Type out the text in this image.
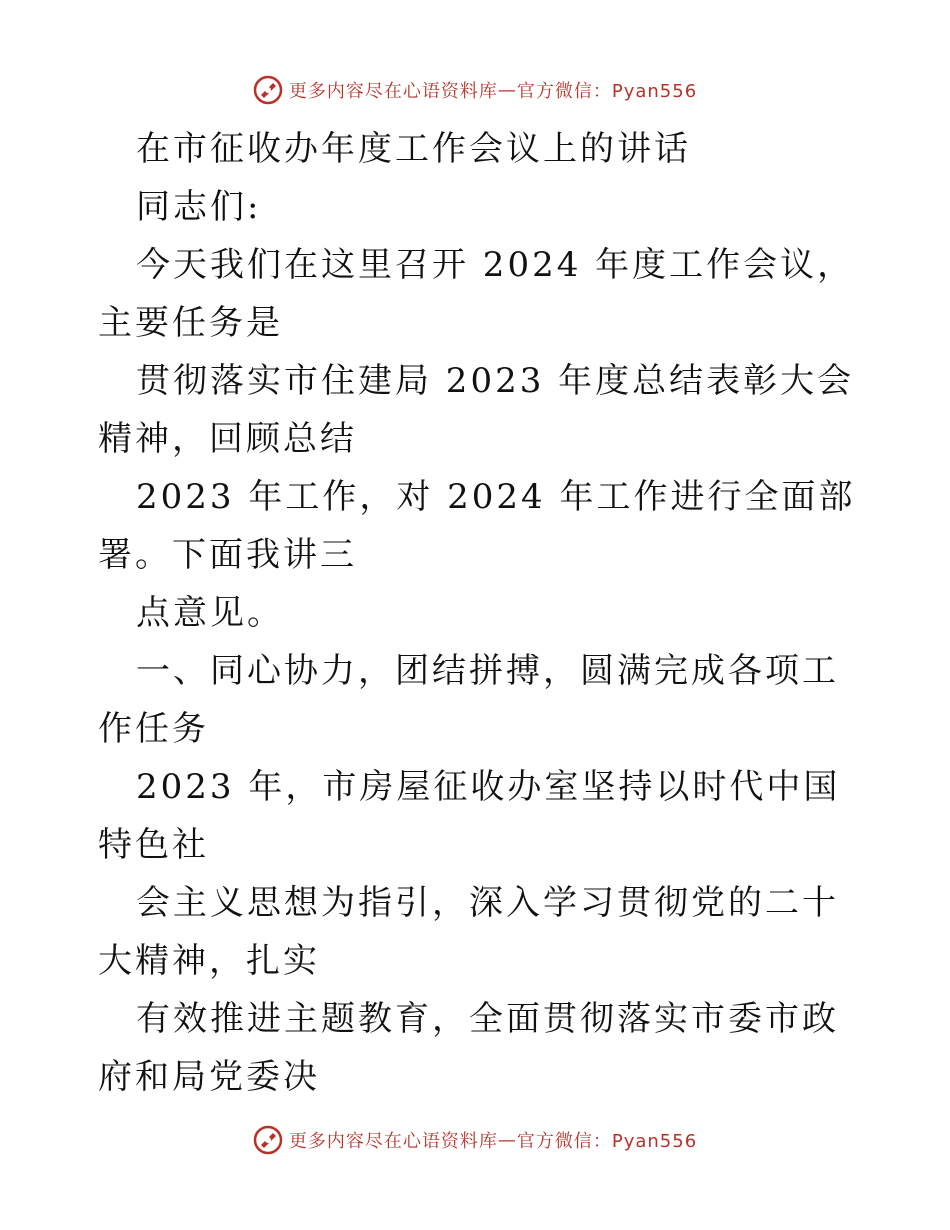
更多内容尽在心语资料库 — 官方微信：Pyan556

在市征收办年度工作会议上的讲话

同志们:

今天我们在这里召开 2024 年度工作会议，主要任务是

贯彻落实市住建局 2023 年度总结表彰大会精神，回顾总结

2023 年工作，对 2024 年工作进行全面部署。下面我讲三

点意见。

一、同心协力，团结拼搏，圆满完成各项工作任务

2023 年，市房屋征收办室坚持以时代中国特色社

会主义思想为指引，深入学习贯彻党的二十大精神，扎实

有效推进主题教育，全面贯彻落实市委市政府和局党委决

更多内容尽在心语资料库 — 官方微信：Pyan556
